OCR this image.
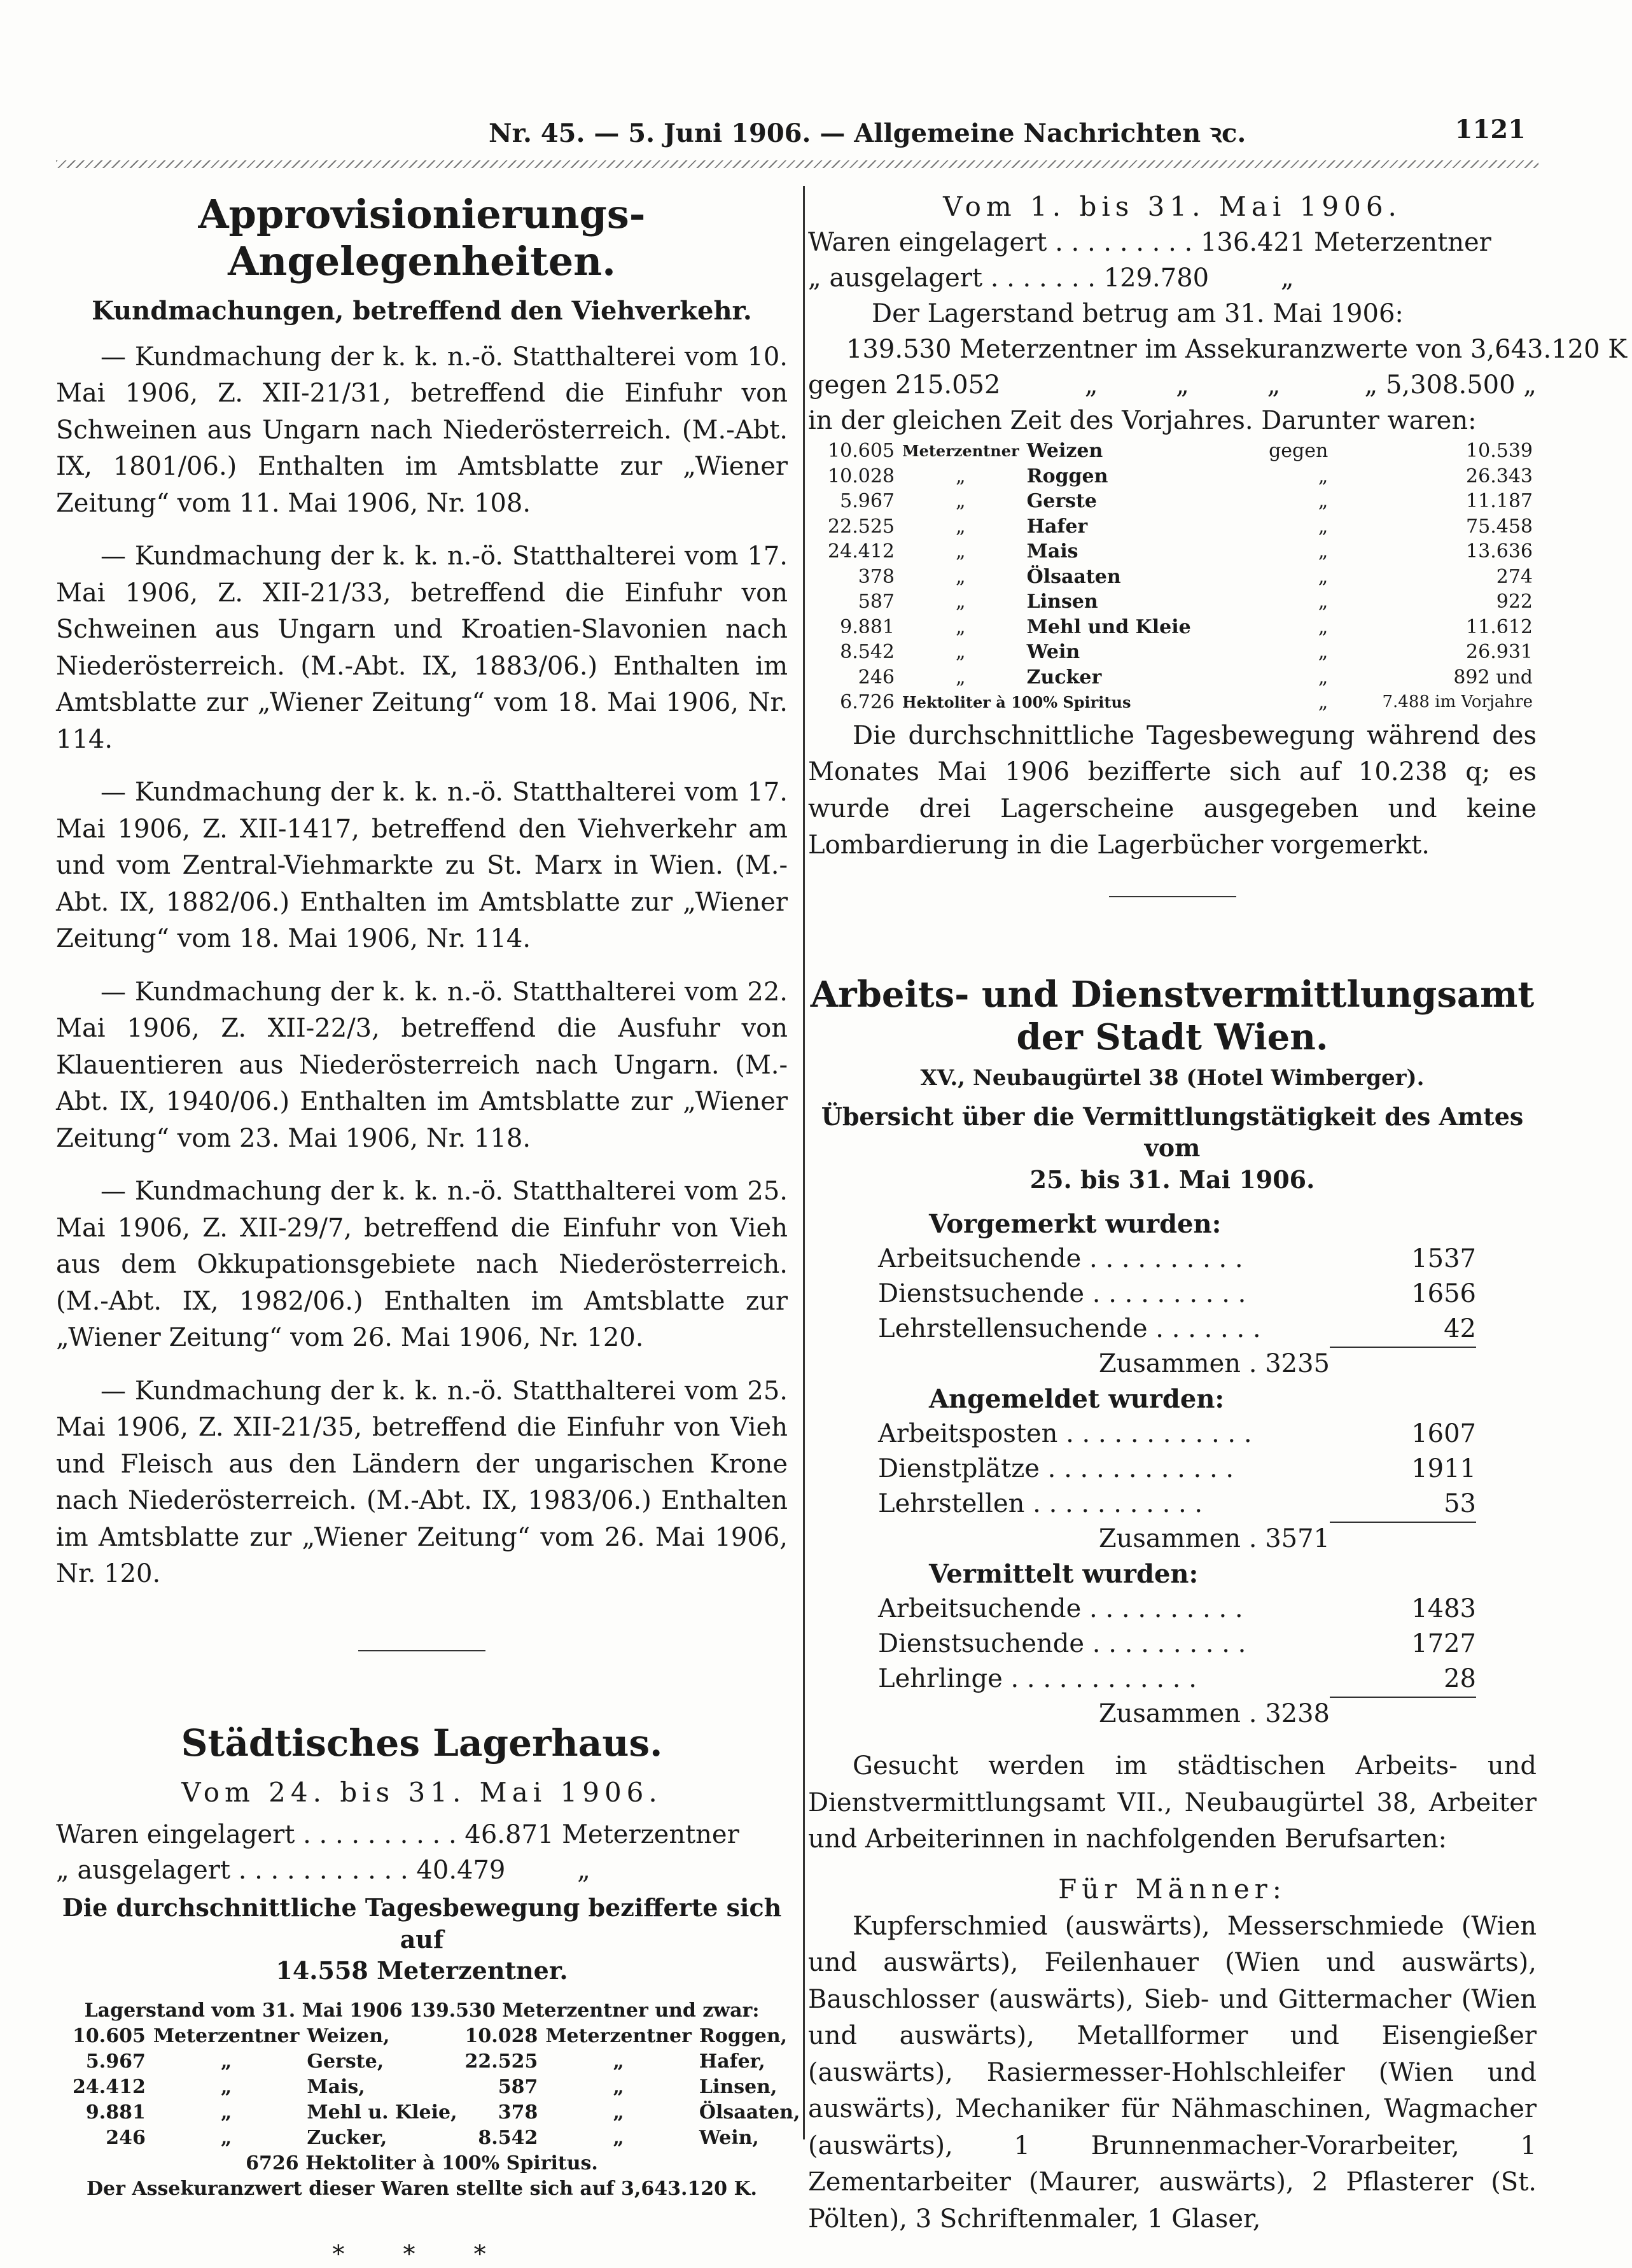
Nr. 45. — 5. Juni 1906. — Allgemeine Nachrichten ꝛc.	1121

Approvisionierungs-Angelegenheiten.

Kundmachungen, betreffend den Viehverkehr.

— Kundmachung der k. k. n.-ö. Statthalterei vom 10. Mai 1906, Z. XII-21/31, betreffend die Einfuhr von Schweinen aus Ungarn nach Niederösterreich. (M.-Abt. IX, 1801/06.) Enthalten im Amtsblatte zur „Wiener Zeitung“ vom 11. Mai 1906, Nr. 108.

— Kundmachung der k. k. n.-ö. Statthalterei vom 17. Mai 1906, Z. XII-21/33, betreffend die Einfuhr von Schweinen aus Ungarn und Kroatien-Slavonien nach Niederösterreich. (M.-Abt. IX, 1883/06.) Enthalten im Amtsblatte zur „Wiener Zeitung“ vom 18. Mai 1906, Nr. 114.

— Kundmachung der k. k. n.-ö. Statthalterei vom 17. Mai 1906, Z. XII-1417, betreffend den Viehverkehr am und vom Zentral-Viehmarkte zu St. Marx in Wien. (M.-Abt. IX, 1882/06.) Enthalten im Amtsblatte zur „Wiener Zeitung“ vom 18. Mai 1906, Nr. 114.

— Kundmachung der k. k. n.-ö. Statthalterei vom 22. Mai 1906, Z. XII-22/3, betreffend die Ausfuhr von Klauentieren aus Niederösterreich nach Ungarn. (M.-Abt. IX, 1940/06.) Enthalten im Amtsblatte zur „Wiener Zeitung“ vom 23. Mai 1906, Nr. 118.

— Kundmachung der k. k. n.-ö. Statthalterei vom 25. Mai 1906, Z. XII-29/7, betreffend die Einfuhr von Vieh aus dem Okkupationsgebiete nach Niederösterreich. (M.-Abt. IX, 1982/06.) Enthalten im Amtsblatte zur „Wiener Zeitung“ vom 26. Mai 1906, Nr. 120.

— Kundmachung der k. k. n.-ö. Statthalterei vom 25. Mai 1906, Z. XII-21/35, betreffend die Einfuhr von Vieh und Fleisch aus den Ländern der ungarischen Krone nach Niederösterreich. (M.-Abt. IX, 1983/06.) Enthalten im Amtsblatte zur „Wiener Zeitung“ vom 26. Mai 1906, Nr. 120.

Städtisches Lagerhaus.

Vom 24. bis 31. Mai 1906.

Waren eingelagert . . . . . . . . . . 46.871 Meterzentner
„ ausgelagert . . . . . . . . . . . 40.479	„

Die durchschnittliche Tagesbewegung bezifferte sich auf

14.558 Meterzentner.

Lagerstand vom 31. Mai 1906 139.530 Meterzentner und zwar:

10.605	Meterzentner	Weizen,	10.028	Meterzentner	Roggen,
5.967	„	Gerste,	22.525	„	Hafer,
24.412	„	Mais,	587	„	Linsen,
9.881	„	Mehl u. Kleie,	378	„	Ölsaaten,
246	„	Zucker,	8.542	„	Wein,

6726 Hektoliter à 100% Spiritus.

Der Assekuranzwert dieser Waren stellte sich auf 3,643.120 K.

* * *

Vom 1. bis 31. Mai 1906.

Waren eingelagert . . . . . . . . . 136.421 Meterzentner
„ ausgelagert . . . . . . . 129.780	„

Der Lagerstand betrug am 31. Mai 1906:

139.530 Meterzentner im Assekuranzwerte von 3,643.120 K

gegen 215.052	„ „ „	„ 5,308.500 „

in der gleichen Zeit des Vorjahres. Darunter waren:

10.605	Meterzentner	Weizen	gegen	10.539
10.028	„	Roggen	„	26.343
5.967	„	Gerste	„	11.187
22.525	„	Hafer	„	75.458
24.412	„	Mais	„	13.636
378	„	Ölsaaten	„	274
587	„	Linsen	„	922
9.881	„	Mehl und Kleie	„	11.612
8.542	„	Wein	„	26.931
246	„	Zucker	„	892 und
6.726	Hektoliter à 100% Spiritus		„	7.488 im Vorjahre

Die durchschnittliche Tagesbewegung während des Monates Mai 1906 bezifferte sich auf 10.238 q; es wurde drei Lagerscheine ausgegeben und keine Lombardierung in die Lagerbücher vorgemerkt.

Arbeits- und Dienstvermittlungsamt

der Stadt Wien.

XV., Neubaugürtel 38 (Hotel Wimberger).

Übersicht über die Vermittlungstätigkeit des Amtes vom

25. bis 31. Mai 1906.

Vorgemerkt wurden:
Arbeitsuchende . . . . . . . . . .	1537
Dienstsuchende . . . . . . . . . .	1656
Lehrstellensuchende . . . . . . .	42
Zusammen . 3235
Angemeldet wurden:
Arbeitsposten . . . . . . . . . . . .	1607
Dienstplätze . . . . . . . . . . . .	1911
Lehrstellen . . . . . . . . . . .	53
Zusammen . 3571
Vermittelt wurden:
Arbeitsuchende . . . . . . . . . .	1483
Dienstsuchende . . . . . . . . . .	1727
Lehrlinge . . . . . . . . . . . .	28
Zusammen . 3238

Gesucht werden im städtischen Arbeits- und Dienstvermittlungsamt VII., Neubaugürtel 38, Arbeiter und Arbeiterinnen in nachfolgenden Berufsarten:

Für Männer:

Kupferschmied (auswärts), Messerschmiede (Wien und auswärts), Feilenhauer (Wien und auswärts), Bauschlosser (auswärts), Sieb- und Gittermacher (Wien und auswärts), Metallformer und Eisengießer (auswärts), Rasiermesser-Hohlschleifer (Wien und auswärts), Mechaniker für Nähmaschinen, Wagmacher (auswärts), 1 Brunnenmacher-Vorarbeiter, 1 Zementarbeiter (Maurer, auswärts), 2 Pflasterer (St. Pölten), 3 Schriftenmaler, 1 Glaser,
